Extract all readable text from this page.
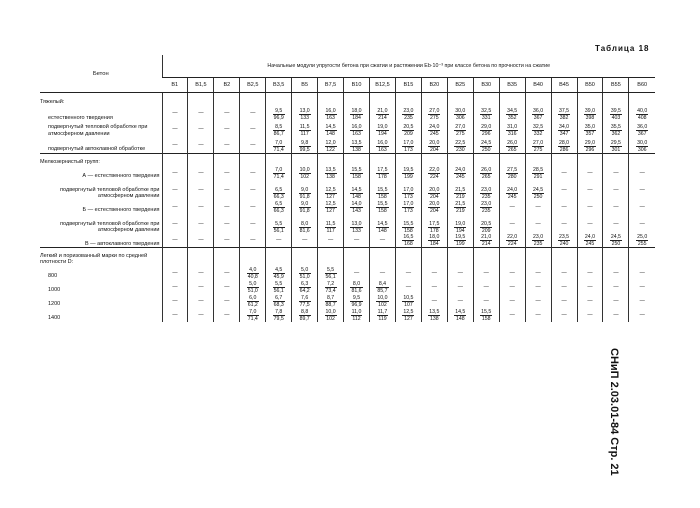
Таблица 18
СНиП 2.03.01-84 Стр. 21
Бетон	Начальные модули упругости бетона при сжатии и растяжении Eb·10⁻³ при классе бетона по прочности на сжатие																		
	B1	B1,5	B2	B2,5	B3,5	B5	B7,5	B10	B12,5	B15	B20	B25	B30	B35	B40	B45	B50	B55	B60
Тяжелый:																			
естественного твердения	—	—	—	—	$\frac{9,5}{96,9}$	$\frac{13,0}{133}$	$\frac{16,0}{163}$	$\frac{18,0}{184}$	$\frac{21,0}{214}$	$\frac{23,0}{235}$	$\frac{27,0}{275}$	$\frac{30,0}{306}$	$\frac{32,5}{331}$	$\frac{34,5}{352}$	$\frac{36,0}{367}$	$\frac{37,5}{382}$	$\frac{39,0}{398}$	$\frac{39,5}{403}$	$\frac{40,0}{408}$

подвергнутый тепловой обработке при атмосферном давлении	—	—	—	—	$\frac{8,5}{86,7}$	$\frac{11,5}{117}$	$\frac{14,5}{148}$	$\frac{16,0}{163}$	$\frac{19,0}{194}$	$\frac{20,5}{209}$	$\frac{24,0}{245}$	$\frac{27,0}{275}$	$\frac{29,0}{296}$	$\frac{31,0}{316}$	$\frac{32,5}{332}$	$\frac{34,0}{347}$	$\frac{35,0}{357}$	$\frac{35,5}{362}$	$\frac{36,0}{367}$

подвергнутый автоклавной обработке	—	—	—	—	$\frac{7,0}{71,4}$	$\frac{9,8}{99,5}$	$\frac{12,0}{122}$	$\frac{13,5}{138}$	$\frac{16,0}{163}$	$\frac{17,0}{173}$	$\frac{20,0}{204}$	$\frac{22,5}{230}$	$\frac{24,5}{250}$	$\frac{26,0}{265}$	$\frac{27,0}{275}$	$\frac{28,0}{286}$	$\frac{29,0}{296}$	$\frac{29,5}{301}$	$\frac{30,0}{306}$

Мелкозернистый групп:																			
А — естественного твердения	—	—	—	—	$\frac{7,0}{71,4}$	$\frac{10,0}{102}$	$\frac{13,5}{138}$	$\frac{15,5}{158}$	$\frac{17,5}{178}$	$\frac{19,5}{199}$	$\frac{22,0}{224}$	$\frac{24,0}{245}$	$\frac{26,0}{265}$	$\frac{27,5}{280}$	$\frac{28,5}{291}$	—	—	—	—
подвергнутый тепловой обработке при атмосферном давлении	—	—	—	—	$\frac{6,5}{66,3}$	$\frac{9,0}{91,8}$	$\frac{12,5}{127}$	$\frac{14,5}{148}$	$\frac{15,5}{158}$	$\frac{17,0}{173}$	$\frac{20,0}{204}$	$\frac{21,5}{219}$	$\frac{23,0}{235}$	$\frac{24,0}{245}$	$\frac{24,5}{250}$	—	—	—	—
Б — естественного твердения	—	—	—	—	$\frac{6,5}{66,3}$	$\frac{9,0}{91,8}$	$\frac{12,5}{127}$	$\frac{14,0}{143}$	$\frac{15,5}{158}$	$\frac{17,0}{173}$	$\frac{20,0}{204}$	$\frac{21,5}{219}$	$\frac{23,0}{235}$	—	—	—	—	—	—
подвергнутый тепловой обработке при атмосферном давлении	—	—	—	—	$\frac{5,5}{56,1}$	$\frac{8,0}{81,6}$	$\frac{11,5}{117}$	$\frac{13,0}{133}$	$\frac{14,5}{148}$	$\frac{15,5}{158}$	$\frac{17,5}{178}$	$\frac{19,0}{194}$	$\frac{20,5}{209}$	—	—	—	—	—	—
В — автоклавного твердения	—	—	—	—	—	—	—	—	—	$\frac{16,5}{168}$	$\frac{18,0}{184}$	$\frac{19,5}{199}$	$\frac{21,0}{214}$	$\frac{22,0}{224}$	$\frac{23,0}{235}$	$\frac{23,5}{240}$	$\frac{24,0}{245}$	$\frac{24,5}{250}$	$\frac{25,0}{255}$

Легкий и поризованный марки по средней плотности D:																			
800	—	—	—	$\frac{4,0}{40,8}$	$\frac{4,5}{45,9}$	$\frac{5,0}{51,0}$	$\frac{5,5}{56,1}$	—	—	—	—	—	—	—	—	—	—	—	—
1000	—	—	—	$\frac{5,0}{51,0}$	$\frac{5,5}{56,1}$	$\frac{6,3}{64,2}$	$\frac{7,2}{73,4}$	$\frac{8,0}{81,6}$	$\frac{8,4}{85,7}$	—	—	—	—	—	—	—	—	—	—
1200	—	—	—	$\frac{6,0}{61,2}$	$\frac{6,7}{68,3}$	$\frac{7,6}{77,5}$	$\frac{8,7}{88,7}$	$\frac{9,5}{96,9}$	$\frac{10,0}{102}$	$\frac{10,5}{107}$	—	—	—	—	—	—	—	—	—
1400	—	—	—	$\frac{7,0}{71,4}$	$\frac{7,8}{79,5}$	$\frac{8,8}{89,7}$	$\frac{10,0}{102}$	$\frac{11,0}{112}$	$\frac{11,7}{119}$	$\frac{12,5}{127}$	$\frac{13,5}{138}$	$\frac{14,5}{148}$	$\frac{15,5}{158}$	—	—	—	—	—	—
